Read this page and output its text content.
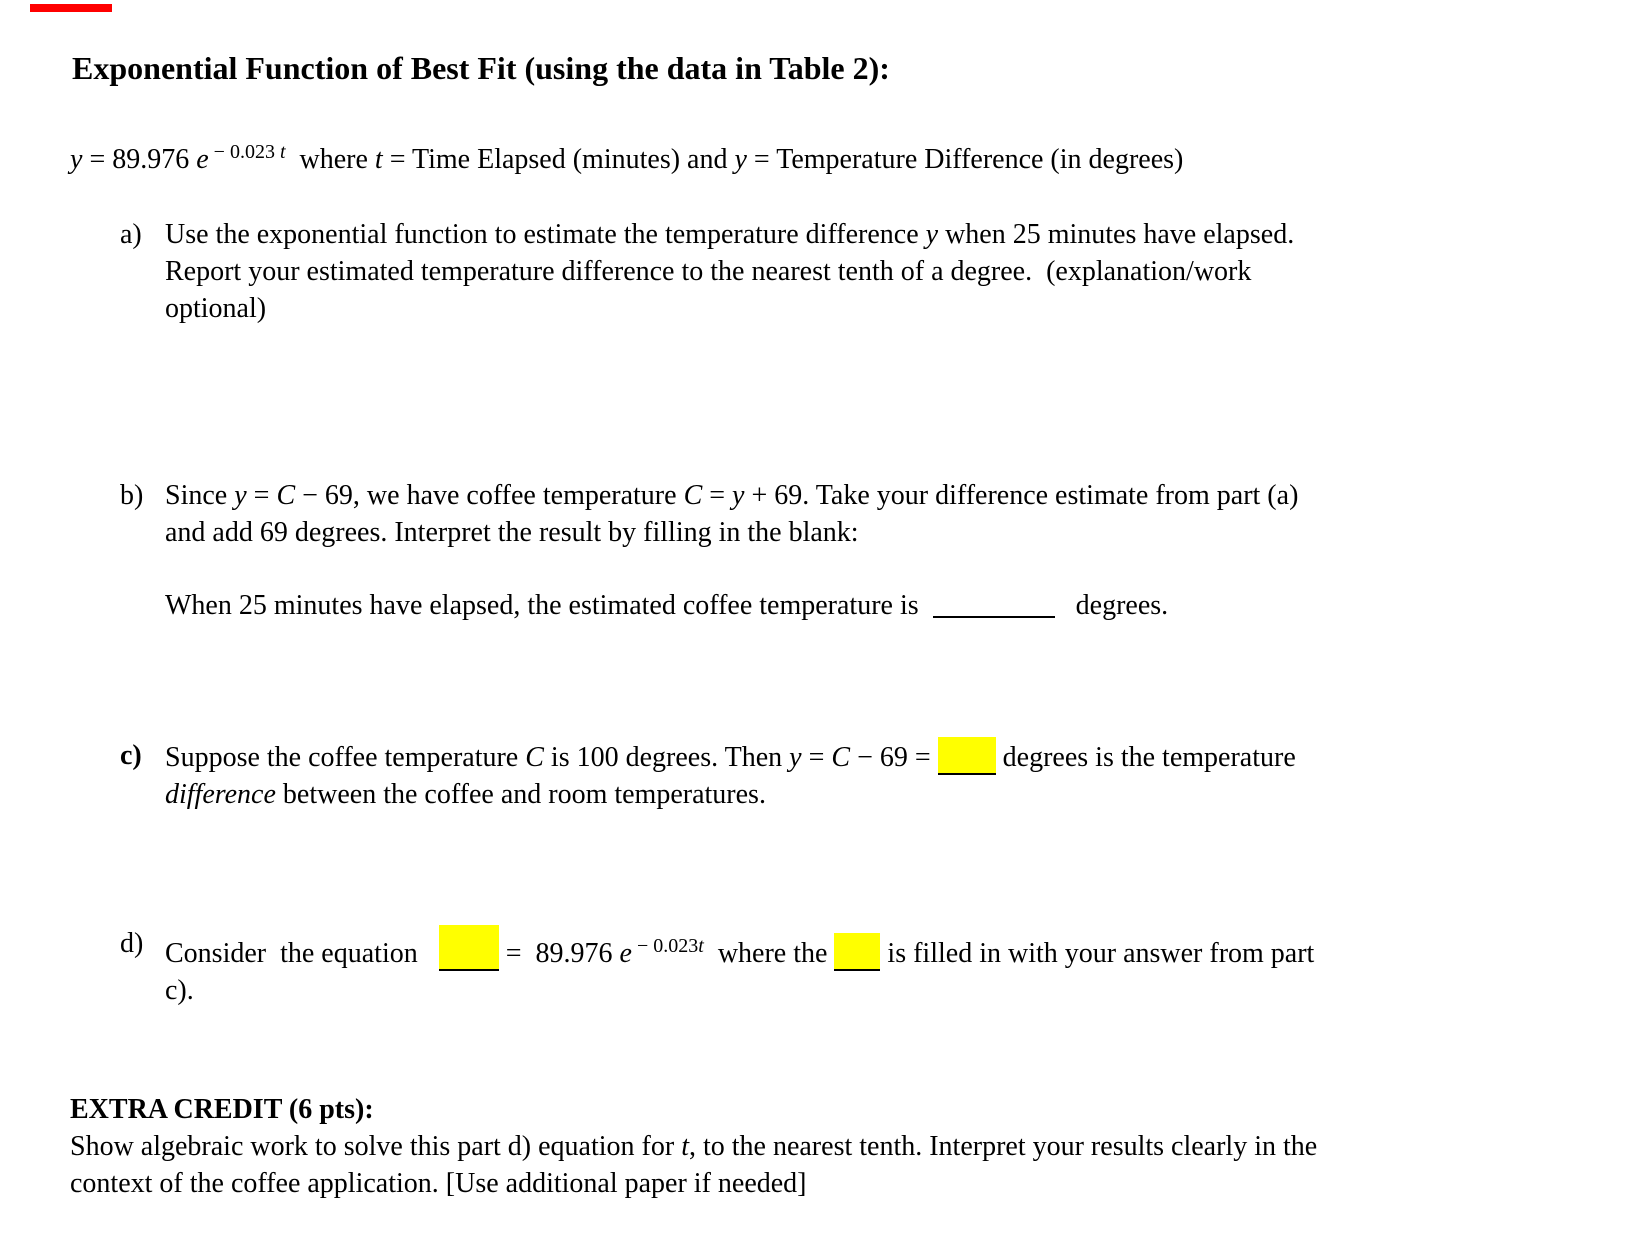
Exponential Function of Best Fit (using the data in Table 2):
y = 89.976 e $^{- 0.023}$ $^t$  where t = Time Elapsed (minutes) and y = Temperature Difference (in degrees)
a) Use the exponential function to estimate the temperature difference y when 25 minutes have elapsed.
Report your estimated temperature difference to the nearest tenth of a degree.  (explanation/work
optional)
b) Since y = C − 69, we have coffee temperature C = y + 69. Take your difference estimate from part (a)
and add 69 degrees. Interpret the result by filling in the blank:
When 25 minutes have elapsed, the estimated coffee temperature is	degrees.
c) Suppose the coffee temperature C is 100 degrees. Then y = C − 69 =  degrees is the temperature
difference between the coffee and room temperatures.
d) Consider  the equation    =  89.976 e $^{- 0.023t}$  where the  is filled in with your answer from part
c).
EXTRA CREDIT (6 pts):
Show algebraic work to solve this part d) equation for t, to the nearest tenth. Interpret your results clearly in the
context of the coffee application. [Use additional paper if needed]
